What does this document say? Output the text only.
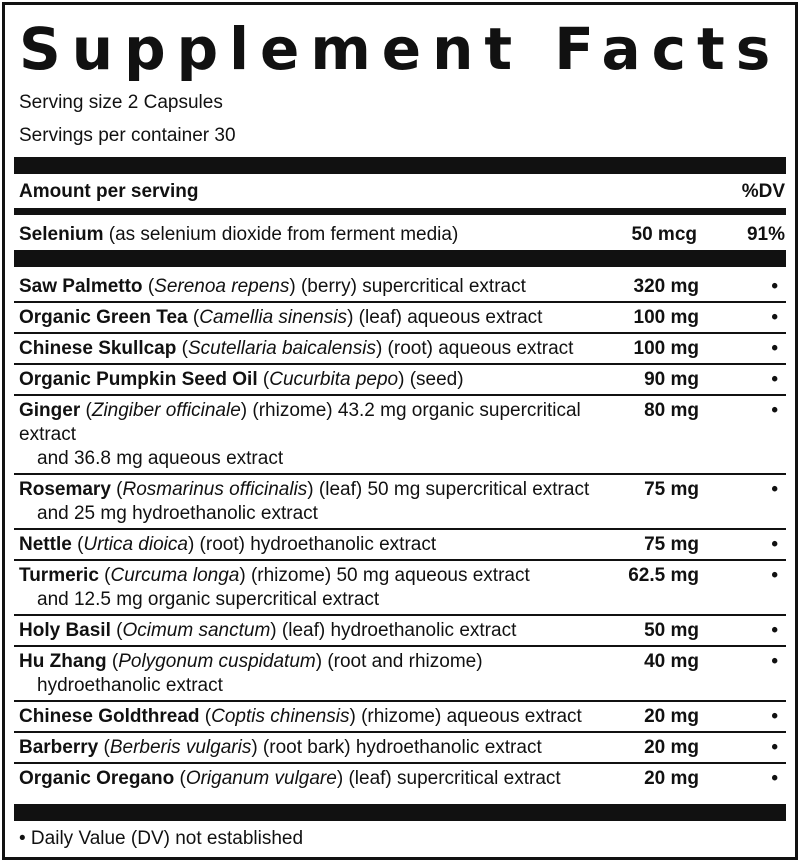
Supplement Facts
Serving size 2 Capsules
Servings per container 30
Amount per serving	%DV
Selenium (as selenium dioxide from ferment media)	50 mcg	91%
Saw Palmetto (Serenoa repens) (berry) supercritical extract	320 mg	•
Organic Green Tea (Camellia sinensis) (leaf) aqueous extract	100 mg	•
Chinese Skullcap (Scutellaria baicalensis) (root) aqueous extract	100 mg	•
Organic Pumpkin Seed Oil (Cucurbita pepo) (seed)	90 mg	•
Ginger (Zingiber officinale) (rhizome) 43.2 mg organic supercritical extract
and 36.8 mg aqueous extract
80 mg	•
Rosemary (Rosmarinus officinalis) (leaf) 50 mg supercritical extract
and 25 mg hydroethanolic extract
75 mg	•
Nettle (Urtica dioica) (root) hydroethanolic extract	75 mg	•
Turmeric (Curcuma longa) (rhizome) 50 mg aqueous extract
and 12.5 mg organic supercritical extract
62.5 mg	•
Holy Basil (Ocimum sanctum) (leaf) hydroethanolic extract	50 mg	•
Hu Zhang (Polygonum cuspidatum) (root and rhizome)
hydroethanolic extract
40 mg	•
Chinese Goldthread (Coptis chinensis) (rhizome) aqueous extract	20 mg	•
Barberry (Berberis vulgaris) (root bark) hydroethanolic extract	20 mg	•
Organic Oregano (Origanum vulgare) (leaf) supercritical extract	20 mg	•
• Daily Value (DV) not established
